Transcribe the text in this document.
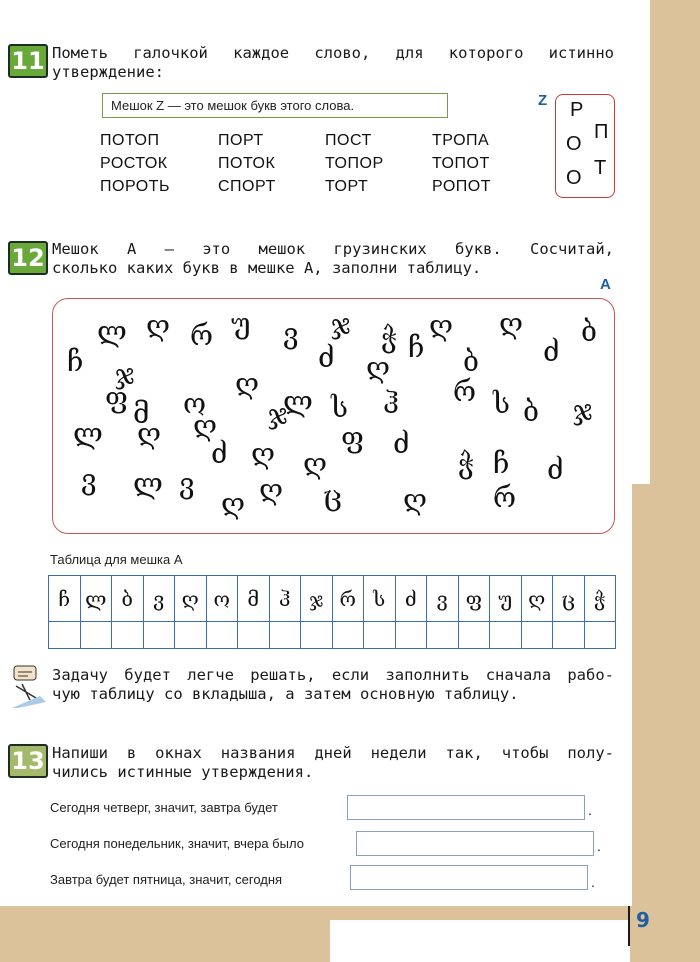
9
11 Пометь галочкой каждое слово, для которого истинно
утверждение:
Мешок Z — это мешок букв этого слова.
ПОТОП	ПОРТ	ПОСТ	ТРОПА
РОСТОК	ПОТОК	ТОПОР	ТОПОТ
ПОРОТЬ	СПОРТ	ТОРТ	РОПОТ
Z Р
О
П
Т
О
12 Мешок А — это мешок грузинских букв. Сосчитай,
сколько каких букв в мешке А, заполни таблицу.
А
ლ ღ რ უ ვ ჯ ჭ ღ ღ ბ
ჩ ჯ
ო
ღ
ლ
ძ ღ
ჩ ბ ძ
ფ მ ღ ჯ ს ჰ რ ს ბ ჯ
ლ ღ
ძ ღ ღ
ფ ძ
ჭ ჩ ძ
ვ ლ ვ
ღ ღ ც ღ რ
Таблица для мешка А
ჩ	ლ	ბ	ვ	ღ	ო	მ	ჰ	ჯ	რ	ს	ძ	ვ	ფ	უ	ღ	ც	ჭ

Задачу будет легче решать, если заполнить сначала рабо-
чую таблицу со вкладыша, а затем основную таблицу.
13 Напиши в окнах названия дней недели так, чтобы полу-
чились истинные утверждения.
Сегодня четверг, значит, завтра будет	.
Сегодня понедельник, значит, вчера было	.
Завтра будет пятница, значит, сегодня	.
